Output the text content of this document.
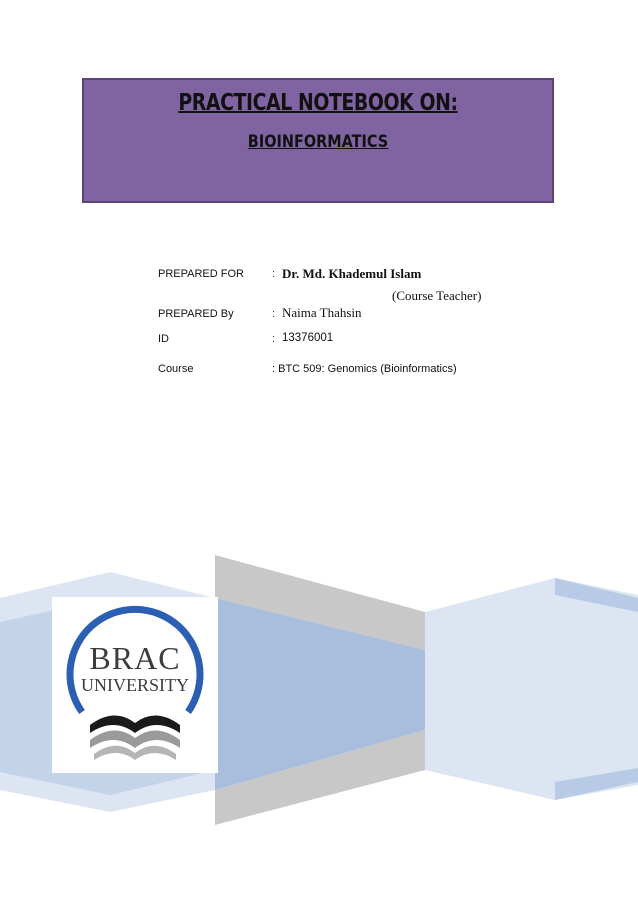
PRACTICAL NOTEBOOK ON:
BIOINFORMATICS
PREPARED FOR	: Dr. Md. Khademul Islam
(Course Teacher)
PREPARED By	: Naima Thahsin
ID	: 13376001
Course	: BTC 509: Genomics (Bioinformatics)
BRAC
UNIVERSITY
